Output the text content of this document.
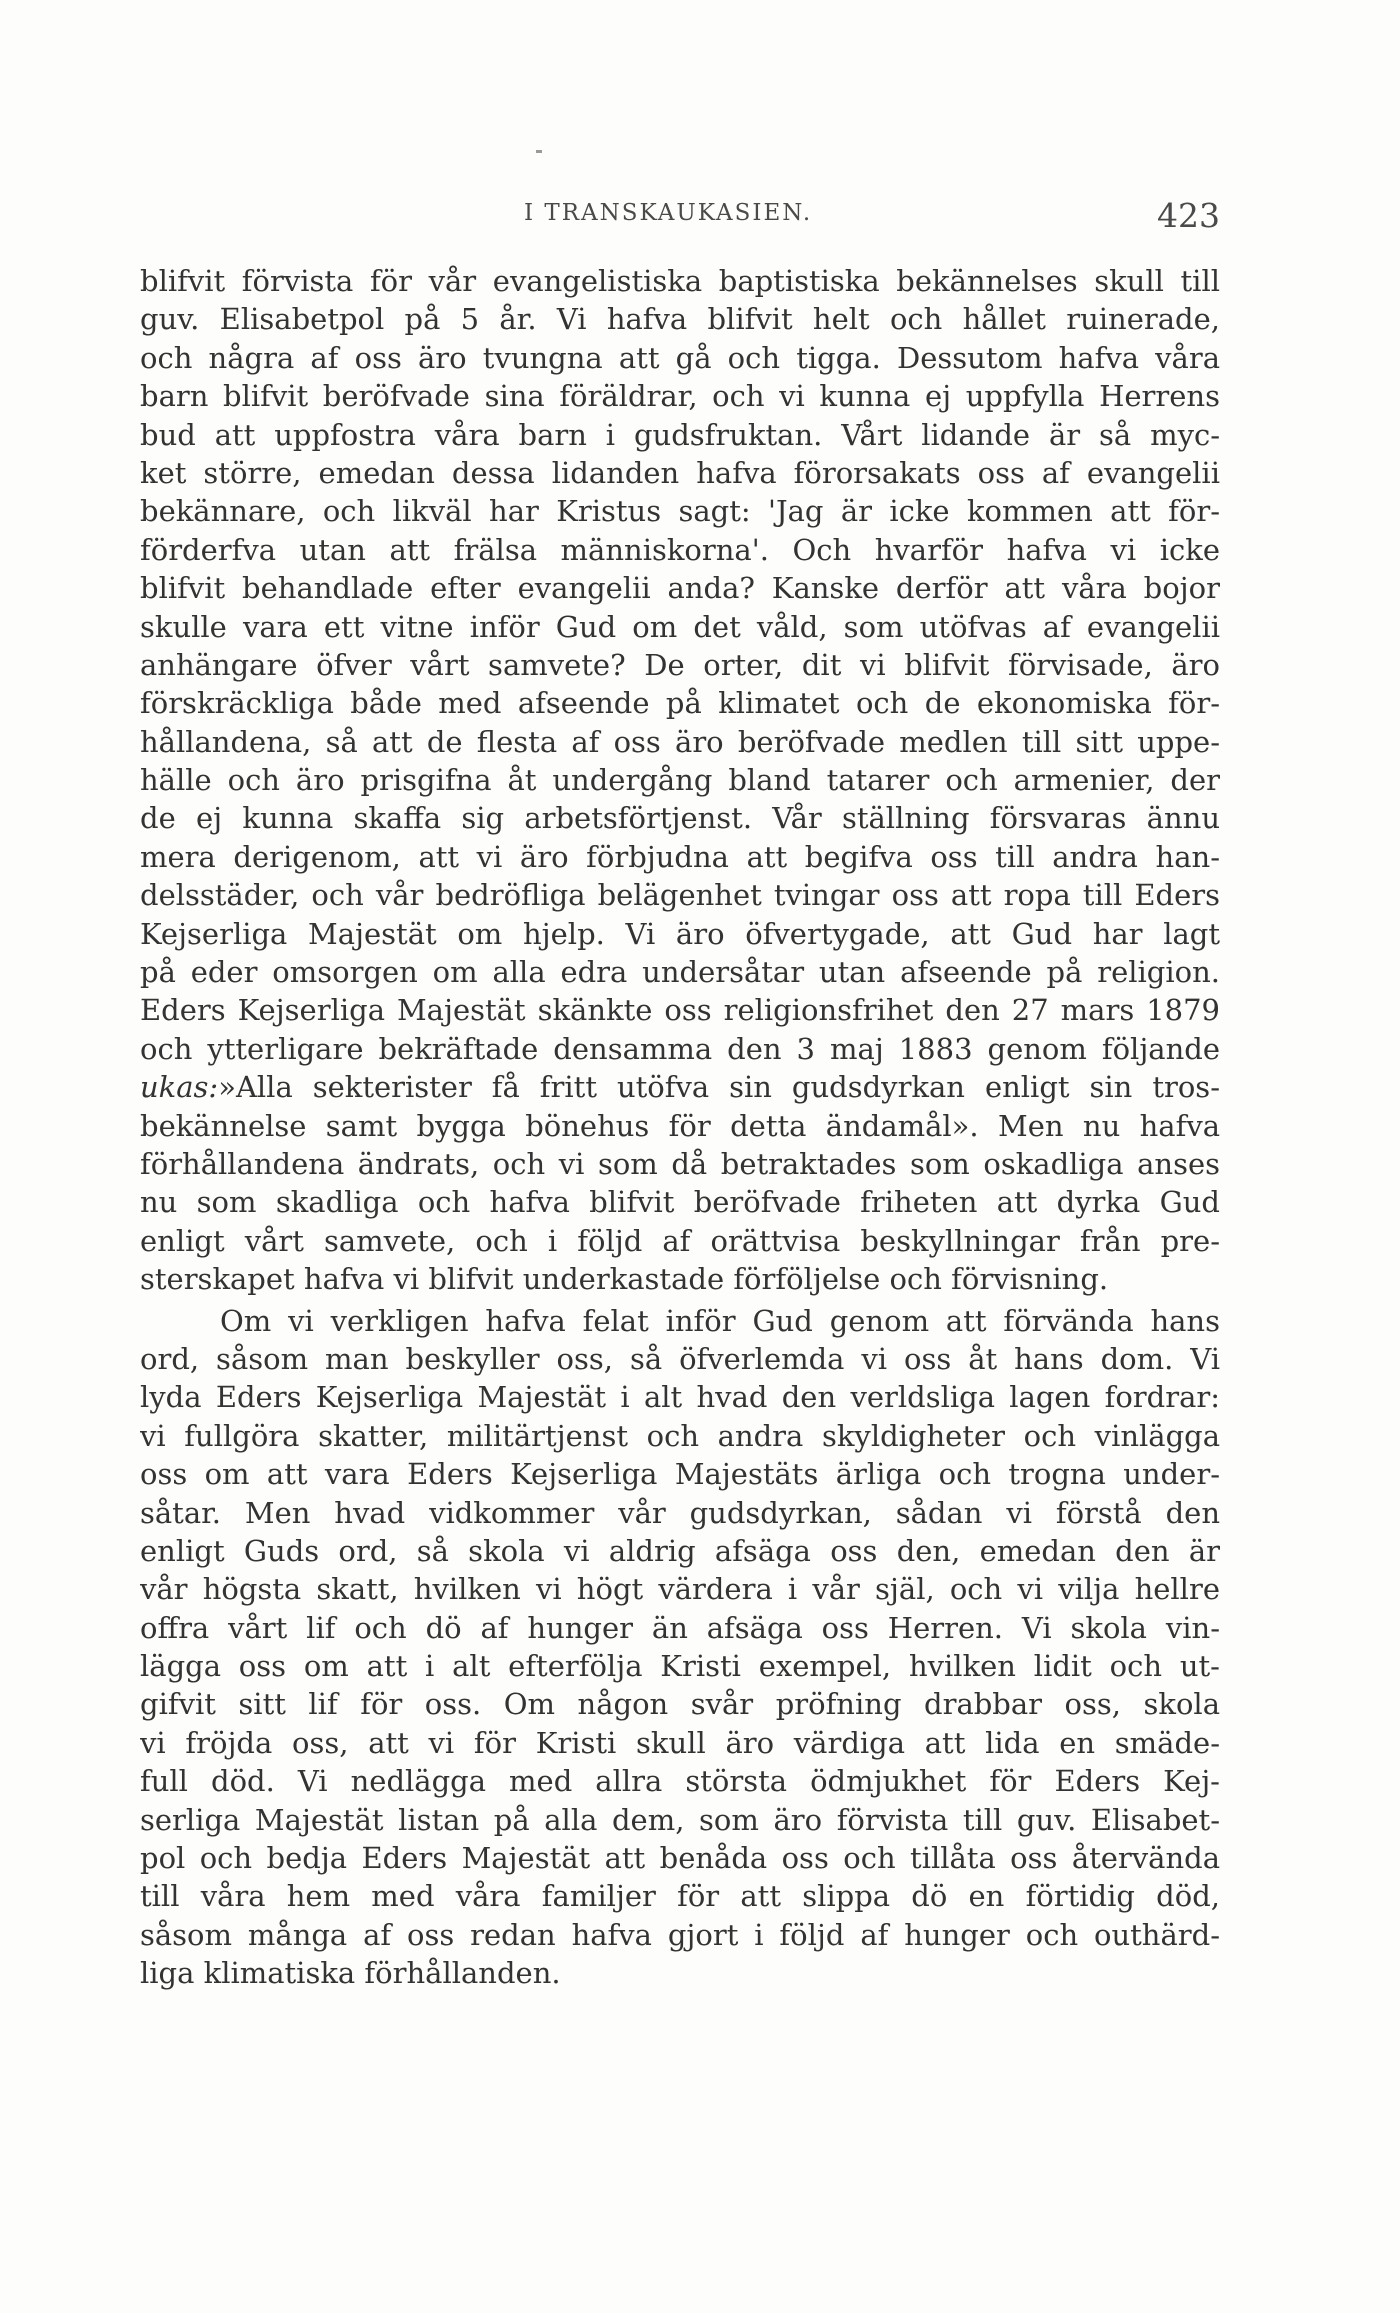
I TRANSKAUKASIEN.	423
blifvit förvista för vår evangelistiska baptistiska bekännelses skull till
guv. Elisabetpol på 5 år. Vi hafva blifvit helt och hållet ruinerade,
och några af oss äro tvungna att gå och tigga. Dessutom hafva våra
barn blifvit beröfvade sina föräldrar, och vi kunna ej uppfylla Herrens
bud att uppfostra våra barn i gudsfruktan. Vårt lidande är så myc-
ket större, emedan dessa lidanden hafva förorsakats oss af evangelii
bekännare, och likväl har Kristus sagt: 'Jag är icke kommen att för-
förderfva utan att frälsa människorna'. Och hvarför hafva vi icke
blifvit behandlade efter evangelii anda? Kanske derför att våra bojor
skulle vara ett vitne inför Gud om det våld, som utöfvas af evangelii
anhängare öfver vårt samvete? De orter, dit vi blifvit förvisade, äro
förskräckliga både med afseende på klimatet och de ekonomiska för-
hållandena, så att de flesta af oss äro beröfvade medlen till sitt uppe-
hälle och äro prisgifna åt undergång bland tatarer och armenier, der
de ej kunna skaffa sig arbetsförtjenst. Vår ställning försvaras ännu
mera derigenom, att vi äro förbjudna att begifva oss till andra han-
delsstäder, och vår bedröfliga belägenhet tvingar oss att ropa till Eders
Kejserliga Majestät om hjelp. Vi äro öfvertygade, att Gud har lagt
på eder omsorgen om alla edra undersåtar utan afseende på religion.
Eders Kejserliga Majestät skänkte oss religionsfrihet den 27 mars 1879
och ytterligare bekräftade densamma den 3 maj 1883 genom följande
ukas:»Alla sekterister få fritt utöfva sin gudsdyrkan enligt sin tros-
bekännelse samt bygga bönehus för detta ändamål». Men nu hafva
förhållandena ändrats, och vi som då betraktades som oskadliga anses
nu som skadliga och hafva blifvit beröfvade friheten att dyrka Gud
enligt vårt samvete, och i följd af orättvisa beskyllningar från pre-
sterskapet hafva vi blifvit underkastade förföljelse och förvisning.
Om vi verkligen hafva felat inför Gud genom att förvända hans
ord, såsom man beskyller oss, så öfverlemda vi oss åt hans dom. Vi
lyda Eders Kejserliga Majestät i alt hvad den verldsliga lagen fordrar:
vi fullgöra skatter, militärtjenst och andra skyldigheter och vinlägga
oss om att vara Eders Kejserliga Majestäts ärliga och trogna under-
såtar. Men hvad vidkommer vår gudsdyrkan, sådan vi förstå den
enligt Guds ord, så skola vi aldrig afsäga oss den, emedan den är
vår högsta skatt, hvilken vi högt värdera i vår själ, och vi vilja hellre
offra vårt lif och dö af hunger än afsäga oss Herren. Vi skola vin-
lägga oss om att i alt efterfölja Kristi exempel, hvilken lidit och ut-
gifvit sitt lif för oss. Om någon svår pröfning drabbar oss, skola
vi fröjda oss, att vi för Kristi skull äro värdiga att lida en smäde-
full död. Vi nedlägga med allra största ödmjukhet för Eders Kej-
serliga Majestät listan på alla dem, som äro förvista till guv. Elisabet-
pol och bedja Eders Majestät att benåda oss och tillåta oss återvända
till våra hem med våra familjer för att slippa dö en förtidig död,
såsom många af oss redan hafva gjort i följd af hunger och outhärd-
liga klimatiska förhållanden.
